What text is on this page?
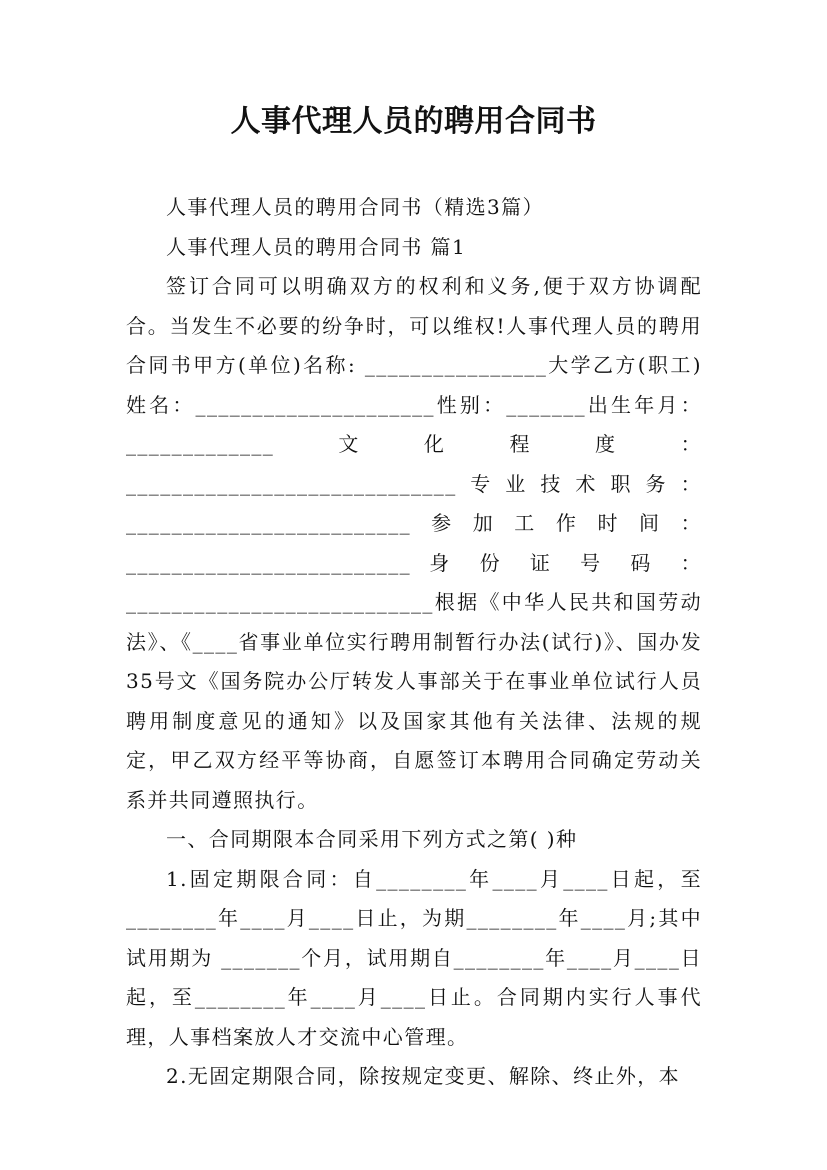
人事代理人员的聘用合同书

人事代理人员的聘用合同书（精选3篇）

人事代理人员的聘用合同书 篇1

签订合同可以明确双方的权利和义务,便于双方协调配合。当发生不必要的纷争时，可以维权!人事代理人员的聘用合同书甲方(单位)名称: ________________大学乙方(职工)姓名：_____________________性别：_______出生年月：_____________文化程度：_____________________________专业技术职务：_________________________参加工作时间：_________________________ 身 份 证 号 码 ：___________________________根据《中华人民共和国劳动法》、《____省事业单位实行聘用制暂行办法(试行)》、国办发35号文《国务院办公厅转发人事部关于在事业单位试行人员聘用制度意见的通知》以及国家其他有关法律、法规的规定，甲乙双方经平等协商，自愿签订本聘用合同确定劳动关系并共同遵照执行。

一、合同期限本合同采用下列方式之第( )种

1.固定期限合同：自________年____月____日起，至________年____月____日止，为期________年____月;其中试用期为 _______个月，试用期自________年____月____日起，至________年____月____日止。合同期内实行人事代理，人事档案放人才交流中心管理。

2.无固定期限合同，除按规定变更、解除、终止外，本
